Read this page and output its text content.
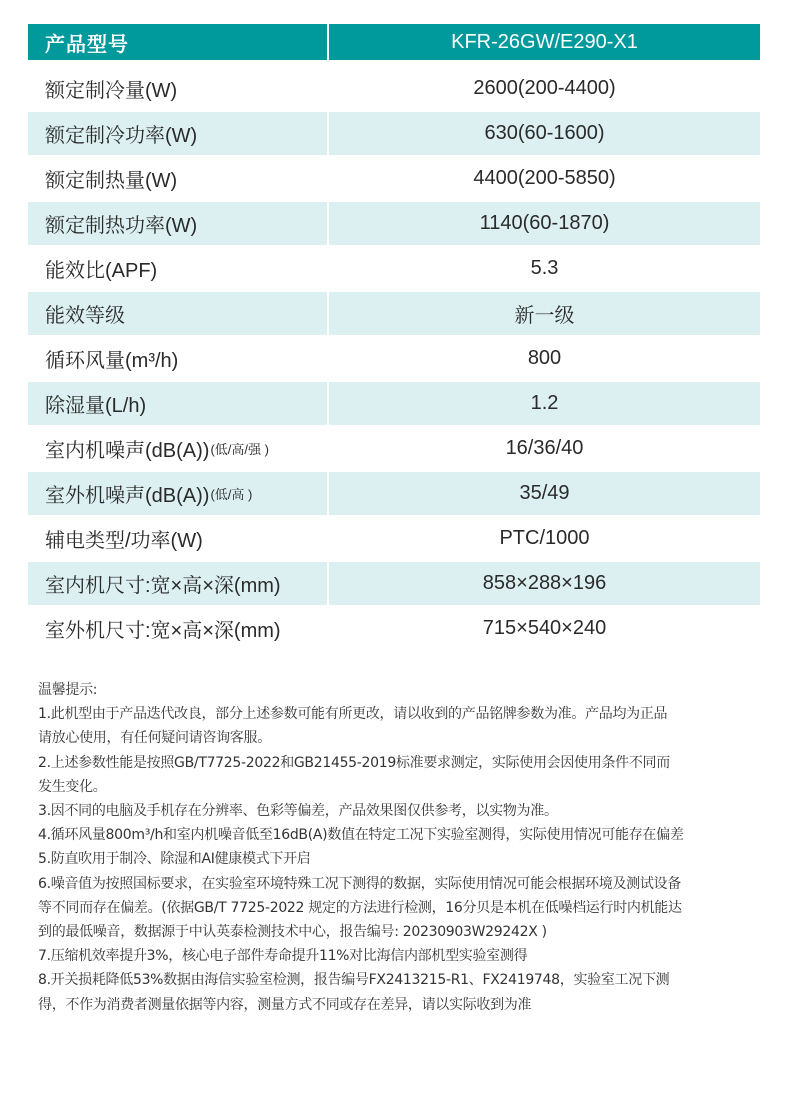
产品型号	KFR-26GW/E290-X1
额定制冷量(W)	2600(200-4400)
额定制冷功率(W)	630(60-1600)
额定制热量(W)	4400(200-5850)
额定制热功率(W)	1140(60-1870)
能效比(APF)	5.3
能效等级	新一级
循环风量(m³/h)	800
除湿量(L/h)	1.2
室内机噪声(dB(A)) (低/高/强 )	16/36/40
室外机噪声(dB(A)) (低/高 )	35/49
辅电类型/功率(W)	PTC/1000
室内机尺寸:宽×高×深(mm)	858×288×196
室外机尺寸:宽×高×深(mm)	715×540×240

温馨提示:

1.此机型由于产品迭代改良，部分上述参数可能有所更改，请以收到的产品铭牌参数为准。产品均为正品

请放心使用，有任何疑问请咨询客服。

2.上述参数性能是按照GB/T7725-2022和GB21455-2019标准要求测定，实际使用会因使用条件不同而

发生变化。

3.因不同的电脑及手机存在分辨率、色彩等偏差，产品效果图仅供参考，以实物为准。

4.循环风量800m³/h和室内机噪音低至16dB(A)数值在特定工况下实验室测得，实际使用情况可能存在偏差

5.防直吹用于制冷、除湿和AI健康模式下开启

6.噪音值为按照国标要求，在实验室环境特殊工况下测得的数据，实际使用情况可能会根据环境及测试设备

等不同而存在偏差。(依据GB/T 7725-2022 规定的方法进行检测，16分贝是本机在低噪档运行时内机能达

到的最低噪音，数据源于中认英泰检测技术中心，报告编号: 20230903W29242X )

7.压缩机效率提升3%，核心电子部件寿命提升11%对比海信内部机型实验室测得

8.开关损耗降低53%数据由海信实验室检测，报告编号FX2413215-R1、FX2419748，实验室工况下测

得，不作为消费者测量依据等内容，测量方式不同或存在差异，请以实际收到为准
